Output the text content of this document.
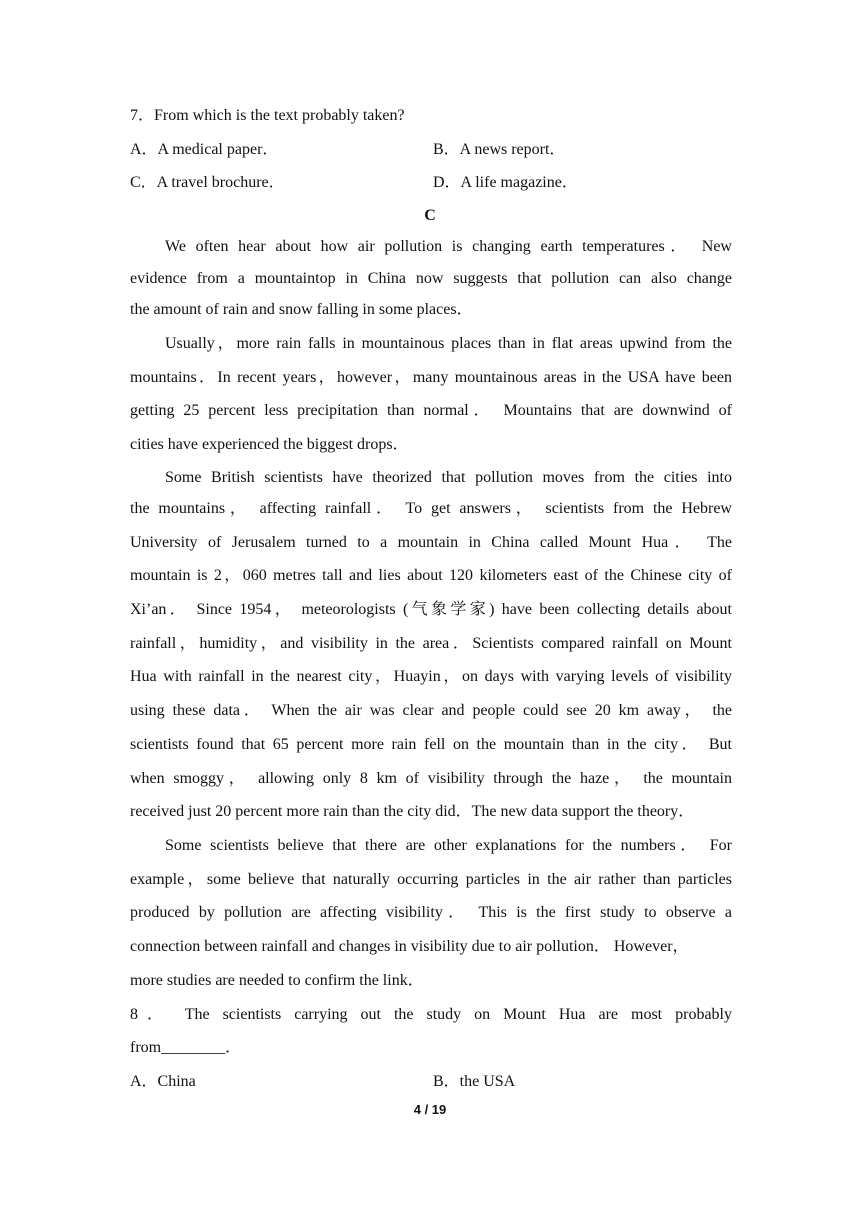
7．From which is the text probably taken?
A．A medical paper．	B．A news report．
C．A travel brochure．	D．A life magazine．
C
We often hear about how air pollution is changing earth temperatures． New
evidence from a mountaintop in China now suggests that pollution can also change
the amount of rain and snow falling in some places．
Usually，more rain falls in mountainous places than in flat areas upwind from the
mountains．In recent years，however，many mountainous areas in the USA have been
getting 25 percent less precipitation than normal． Mountains that are downwind of
cities have experienced the biggest drops．
Some British scientists have theorized that pollution moves from the cities into
the mountains， affecting rainfall． To get answers， scientists from the Hebrew
University of Jerusalem turned to a mountain in China called Mount Hua． The
mountain is 2，060 metres tall and lies about 120 kilometers east of the Chinese city of
Xi’an． Since 1954， meteorologists (气象学家) have been collecting details about
rainfall，humidity，and visibility in the area．Scientists compared rainfall on Mount
Hua with rainfall in the nearest city，Huayin，on days with varying levels of visibility
using these data． When the air was clear and people could see 20 km away， the
scientists found that 65 percent more rain fell on the mountain than in the city． But
when smoggy， allowing only 8 km of visibility through the haze， the mountain
received just 20 percent more rain than the city did．The new data support the theory．
Some scientists believe that there are other explanations for the numbers． For
example，some believe that naturally occurring particles in the air rather than particles
produced by pollution are affecting visibility． This is the first study to observe a
connection between rainfall and changes in visibility due to air pollution． However，
more studies are needed to confirm the link．
8． The scientists carrying out the study on Mount Hua are most probably
from________．
A．China	B．the USA
4 / 19
